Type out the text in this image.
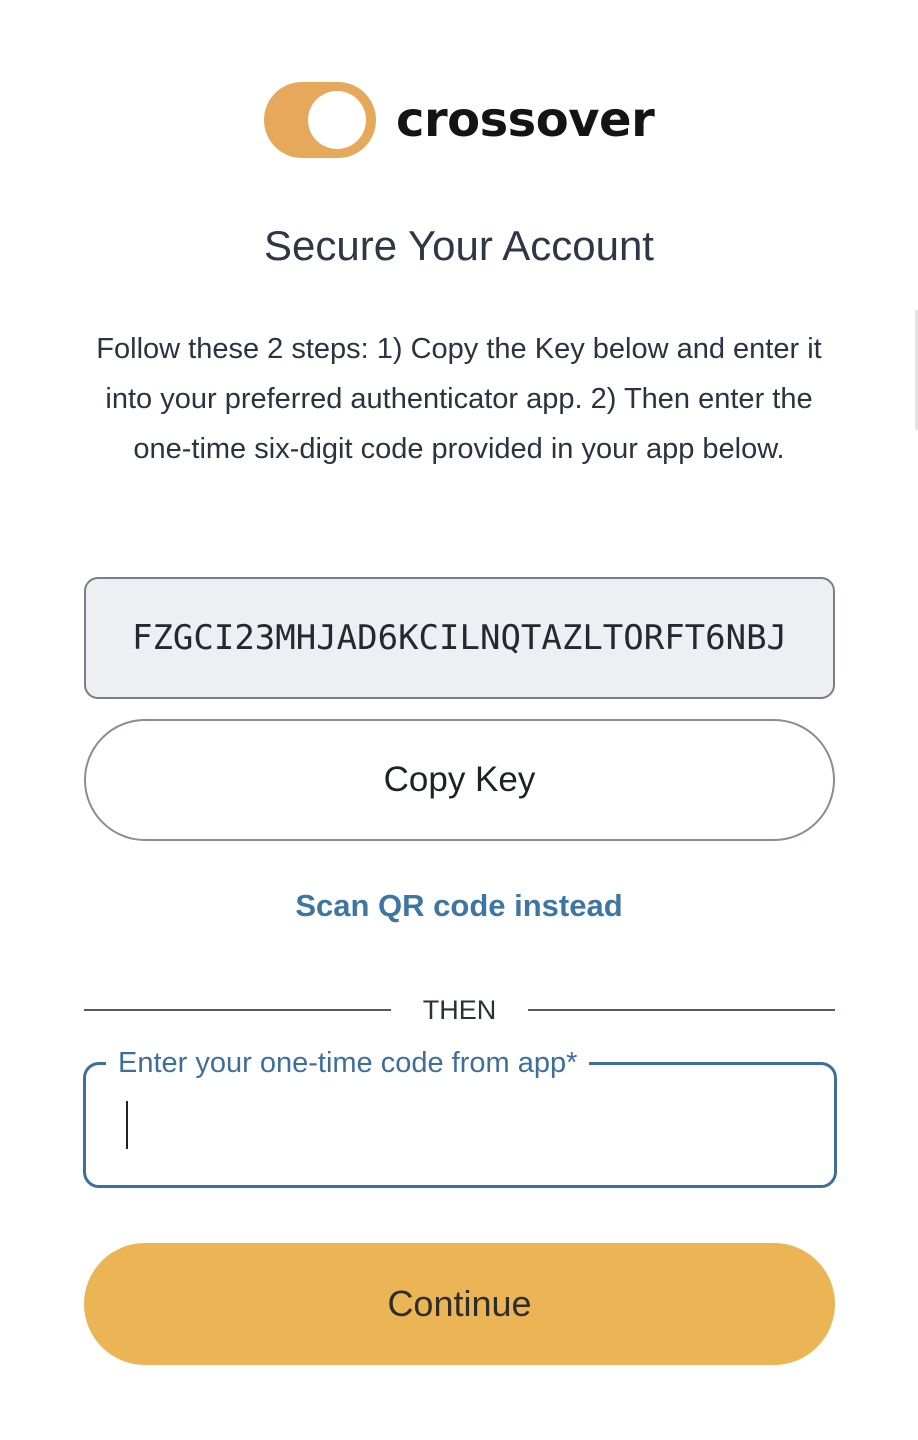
crossover
Secure Your Account

Follow these 2 steps: 1) Copy the Key below and enter it into your preferred authenticator app. 2) Then enter the one-time six-digit code provided in your app below.

FZGCI23MHJAD6KCILNQTAZLTORFT6NBJ
Copy Key
Scan QR code instead
THEN
Enter your one-time code from app*
Continue
